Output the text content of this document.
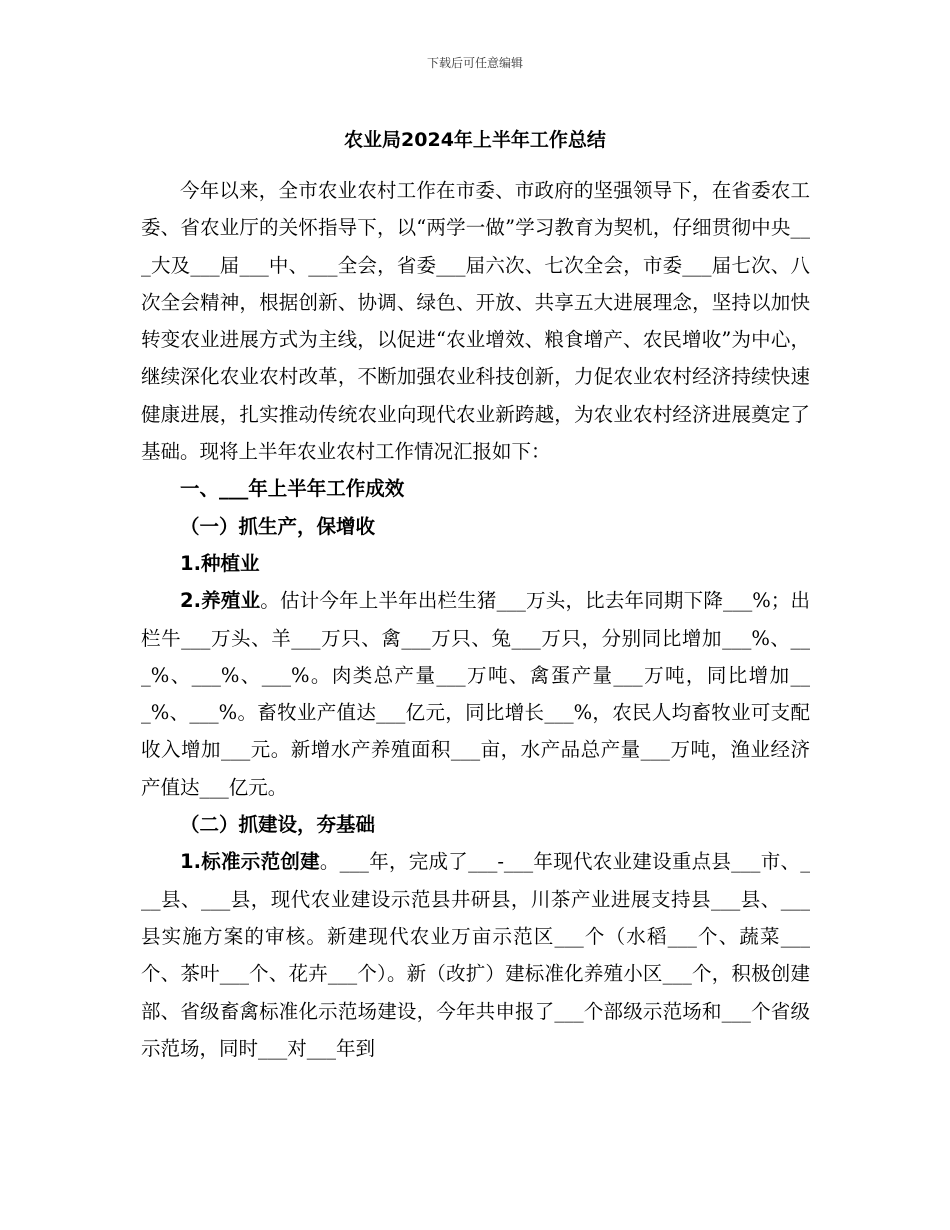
下载后可任意编辑
农业局2024年上半年工作总结

今年以来，全市农业农村工作在市委、市政府的坚强领导下，在省委农工委、省农业厅的关怀指导下，以“两学一做”学习教育为契机，仔细贯彻中央___大及___届___中、___全会，省委___届六次、七次全会，市委___届七次、八次全会精神，根据创新、协调、绿色、开放、共享五大进展理念，坚持以加快转变农业进展方式为主线，以促进“农业增效、粮食增产、农民增收”为中心，继续深化农业农村改革，不断加强农业科技创新，力促农业农村经济持续快速健康进展，扎实推动传统农业向现代农业新跨越，为农业农村经济进展奠定了基础。现将上半年农业农村工作情况汇报如下：

一、___年上半年工作成效

（一）抓生产，保增收

1.种植业

2.养殖业。估计今年上半年出栏生猪___万头，比去年同期下降___%；出栏牛___万头、羊___万只、禽___万只、兔___万只，分别同比增加___%、___%、___%、___%。肉类总产量___万吨、禽蛋产量___万吨，同比增加___%、___%。畜牧业产值达___亿元，同比增长___%，农民人均畜牧业可支配收入增加___元。新增水产养殖面积___亩，水产品总产量___万吨，渔业经济产值达___亿元。

（二）抓建设，夯基础

1.标准示范创建。___年，完成了___-___年现代农业建设重点县___市、___县、___县，现代农业建设示范县井研县，川茶产业进展支持县___县、___县实施方案的审核。新建现代农业万亩示范区___个（水稻___个、蔬菜___个、茶叶___个、花卉___个）。新（改扩）建标准化养殖小区___个，积极创建部、省级畜禽标准化示范场建设，今年共申报了___个部级示范场和___个省级示范场，同时___对___年到
